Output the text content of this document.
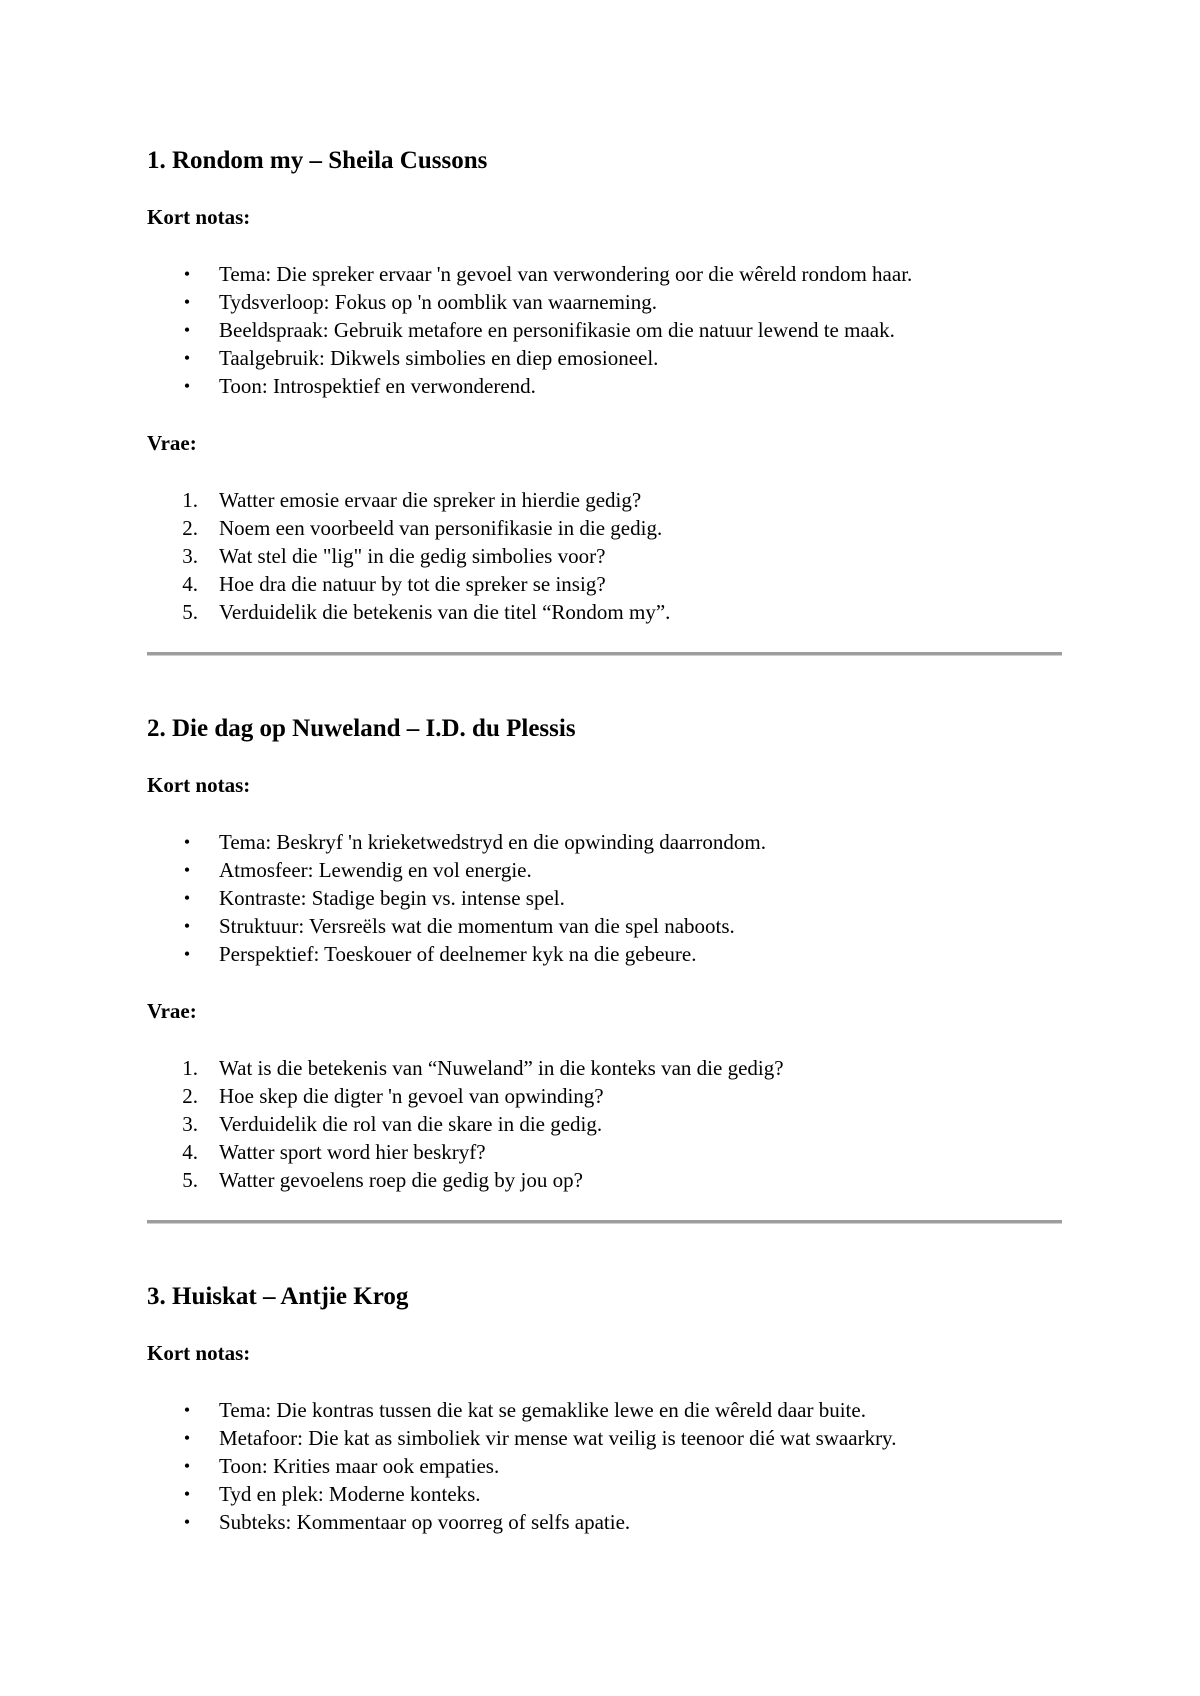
1. Rondom my – Sheila Cussons

Kort notas:

• Tema: Die spreker ervaar 'n gevoel van verwondering oor die wêreld rondom haar.
• Tydsverloop: Fokus op 'n oomblik van waarneming.
• Beeldspraak: Gebruik metafore en personifikasie om die natuur lewend te maak.
• Taalgebruik: Dikwels simbolies en diep emosioneel.
• Toon: Introspektief en verwonderend.

Vrae:

1. Watter emosie ervaar die spreker in hierdie gedig?
2. Noem een voorbeeld van personifikasie in die gedig.
3. Wat stel die "lig" in die gedig simbolies voor?
4. Hoe dra die natuur by tot die spreker se insig?
5. Verduidelik die betekenis van die titel “Rondom my”.
2. Die dag op Nuweland – I.D. du Plessis

Kort notas:

• Tema: Beskryf 'n krieketwedstryd en die opwinding daarrondom.
• Atmosfeer: Lewendig en vol energie.
• Kontraste: Stadige begin vs. intense spel.
• Struktuur: Versreëls wat die momentum van die spel naboots.
• Perspektief: Toeskouer of deelnemer kyk na die gebeure.

Vrae:

1. Wat is die betekenis van “Nuweland” in die konteks van die gedig?
2. Hoe skep die digter 'n gevoel van opwinding?
3. Verduidelik die rol van die skare in die gedig.
4. Watter sport word hier beskryf?
5. Watter gevoelens roep die gedig by jou op?
3. Huiskat – Antjie Krog

Kort notas:

• Tema: Die kontras tussen die kat se gemaklike lewe en die wêreld daar buite.
• Metafoor: Die kat as simboliek vir mense wat veilig is teenoor dié wat swaarkry.
• Toon: Krities maar ook empaties.
• Tyd en plek: Moderne konteks.
• Subteks: Kommentaar op voorreg of selfs apatie.
